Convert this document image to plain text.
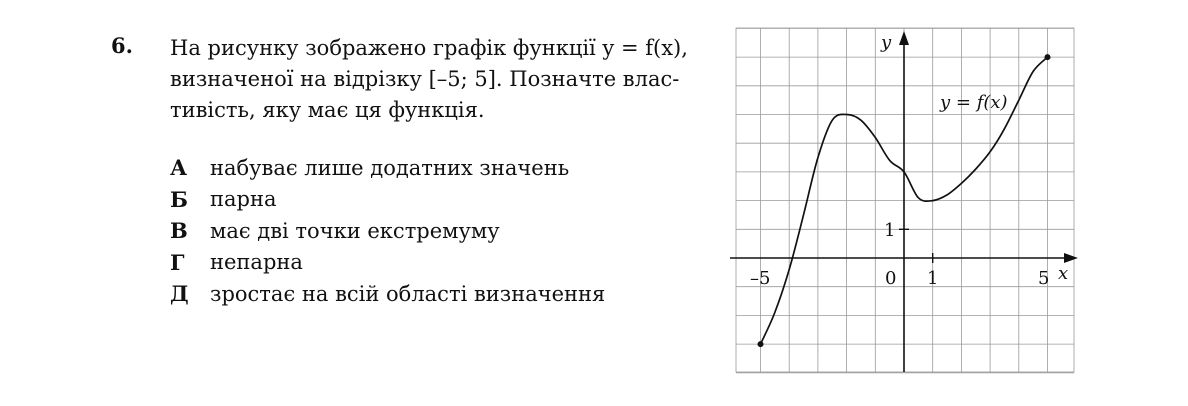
6. На рисунку зображено графік функції y = f(x),
визначеної на відрізку [–5; 5]. Позначте влас-
тивість, яку має ця функція.
А	набуває лише додатних значень
Б	парна
В	має дві точки екстремуму
Г	непарна
Д	зростає на всій області визначення
y
x
–5	0 1	5
1
y = f(x)
